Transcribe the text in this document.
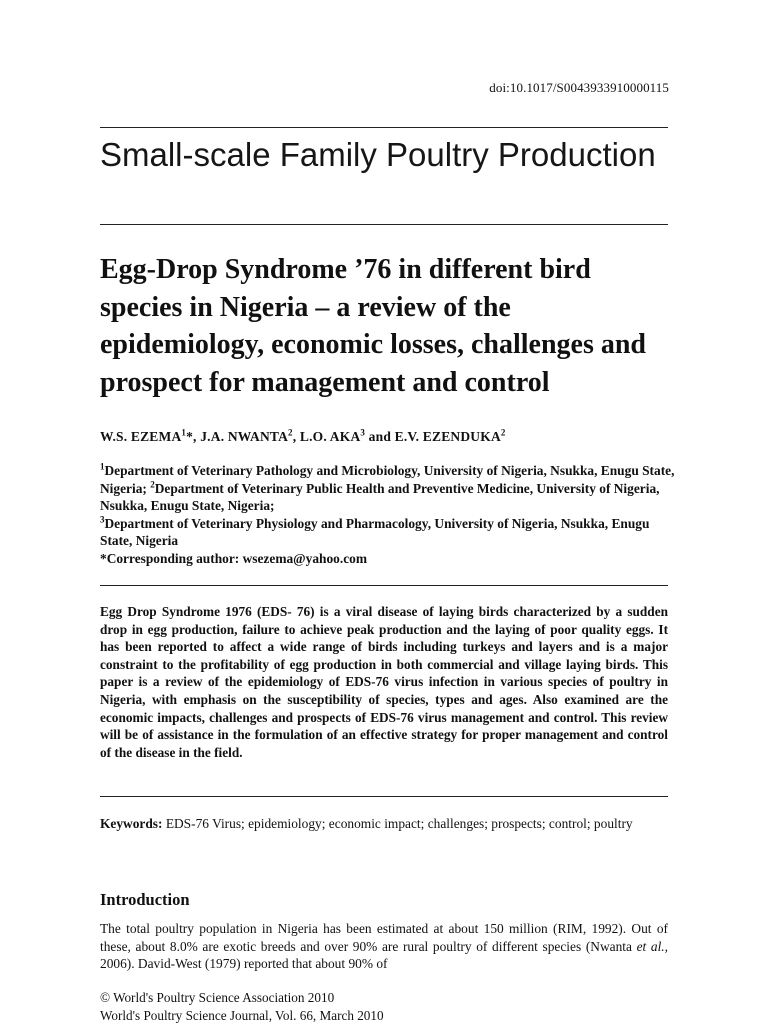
doi:10.1017/S0043933910000115
Small-scale Family Poultry Production
Egg-Drop Syndrome ’76 in different bird species in Nigeria – a review of the epidemiology, economic losses, challenges and prospect for management and control
W.S. EZEMA$^1$*, J.A. NWANTA$^2$, L.O. AKA$^3$ and E.V. EZENDUKA$^2$
$^1$Department of Veterinary Pathology and Microbiology, University of Nigeria, Nsukka, Enugu State, Nigeria; $^2$Department of Veterinary Public Health and Preventive Medicine, University of Nigeria, Nsukka, Enugu State, Nigeria;
$^3$Department of Veterinary Physiology and Pharmacology, University of Nigeria, Nsukka, Enugu State, Nigeria
*Corresponding author: wsezema@yahoo.com
Egg Drop Syndrome 1976 (EDS- 76) is a viral disease of laying birds characterized by a sudden drop in egg production, failure to achieve peak production and the laying of poor quality eggs. It has been reported to affect a wide range of birds including turkeys and layers and is a major constraint to the profitability of egg production in both commercial and village laying birds. This paper is a review of the epidemiology of EDS-76 virus infection in various species of poultry in Nigeria, with emphasis on the susceptibility of species, types and ages. Also examined are the economic impacts, challenges and prospects of EDS-76 virus management and control. This review will be of assistance in the formulation of an effective strategy for proper management and control of the disease in the field.
Keywords: EDS-76 Virus; epidemiology; economic impact; challenges; prospects; control; poultry
Introduction
The total poultry population in Nigeria has been estimated at about 150 million (RIM, 1992). Out of these, about 8.0% are exotic breeds and over 90% are rural poultry of different species (Nwanta et al., 2006). David-West (1979) reported that about 90% of
© World's Poultry Science Association 2010
World's Poultry Science Journal, Vol. 66, March 2010
